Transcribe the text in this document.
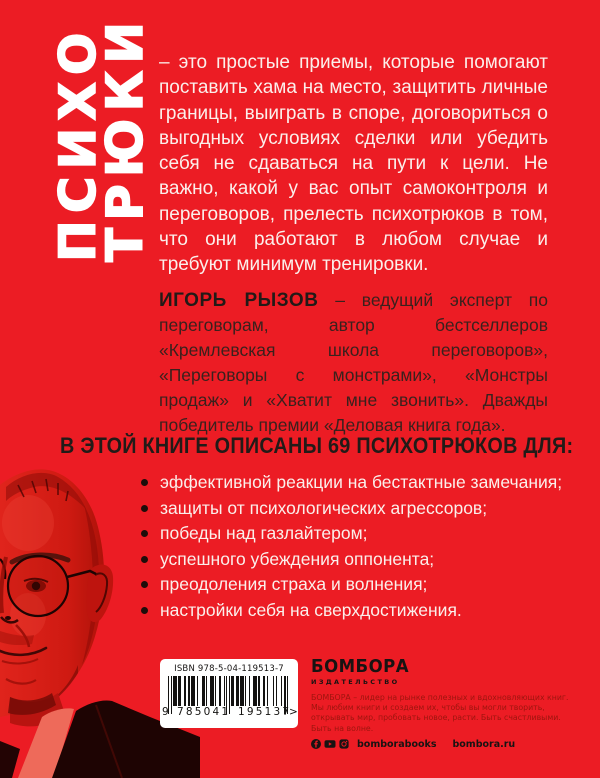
ПСИХО
ТРЮКИ – это простые приемы, которые помогают поставить хама на место, защитить личные границы, выиграть в споре, договориться о выгодных условиях сделки или убедить себя не сдаваться на пути к цели. Не важно, какой у вас опыт самоконтроля и переговоров, прелесть психотрюков в том, что они работают в любом случае и требуют минимум тренировки.

ИГОРЬ РЫЗОВ – ведущий эксперт по переговорам, автор бестселлеров «Кремлевская школа переговоров», «Переговоры с монстрами», «Монстры продаж» и «Хватит мне звонить». Дважды победитель премии «Деловая книга года».

В ЭТОЙ КНИГЕ ОПИСАНЫ 69 ПСИХОТРЮКОВ ДЛЯ:
эффективной реакции на бестактные замечания;
защиты от психологических агрессоров;
победы над газлайтером;
успешного убеждения оппонента;
преодоления страха и волнения;
настройки себя на сверхдостижения.
ISBN 978-5-04-119513-7
9 785041 195137
>
БОМБОРА
ИЗДАТЕЛЬСТВО
БОМБОРА – лидер на рынке полезных и вдохновляющих книг. Мы любим книги и создаем их, чтобы вы могли творить, открывать мир, пробовать новое, расти. Быть счастливыми. Быть на волне.
bomborabooks bombora.ru
